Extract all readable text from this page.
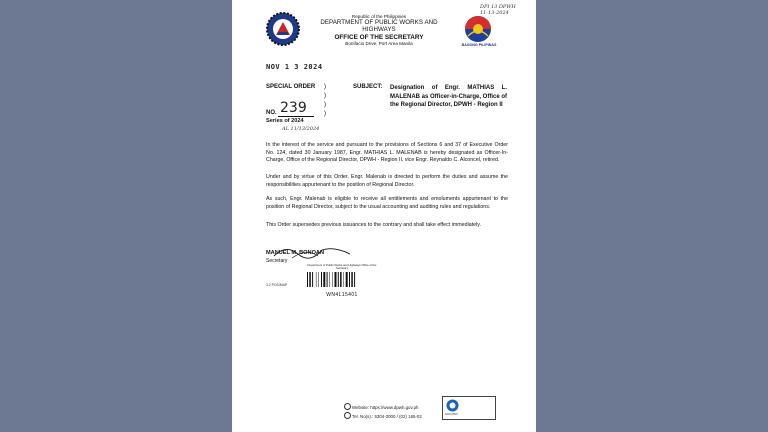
Republic of the Philippines
DEPARTMENT OF PUBLIC WORKS AND HIGHWAYS
OFFICE OF THE SECRETARY
Bonifacio Drive, Port Area Manila	BAGONG PILIPINAS
DPI 13 DPWH
11-13-2024
NOV 1 3 2024
SPECIAL ORDER )
)
)
)
239
NO.
Series of 2024
AL 11/13/2024
SUBJECT: Designation of Engr. MATHIAS L. MALENAB as Officer-in-Charge, Office of the Regional Director, DPWH - Region II
In the interest of the service and pursuant to the provisions of Sections 6 and 37 of Executive Order No. 124, dated 30 January 1987, Engr. MATHIAS L. MALENAB is hereby designated as Officer-In-Charge, Office of the Regional Director, DPWH - Region II, vice Engr. Reynaldo C. Alconcel, retired.
Under and by virtue of this Order, Engr. Malenab is directed to perform the duties and assume the responsibilities appurtenant to the position of Regional Director.
As such, Engr. Malenab is eligible to receive all entitlements and emoluments appurtenant to the position of Regional Director, subject to the usual accounting and auditing rules and regulations.
This Order supersedes previous issuances to the contrary and shall take effect immediately.
MANUEL M. BONOAN
Secretary
3.2 POS/MAP
Department of Public Works and Highways Office of the Secretary
WN4L15401
Website: https://www.dpwh.gov.ph
Tel. No(s).: 5304-3000 / (02) 165-02	SOCOTEC
